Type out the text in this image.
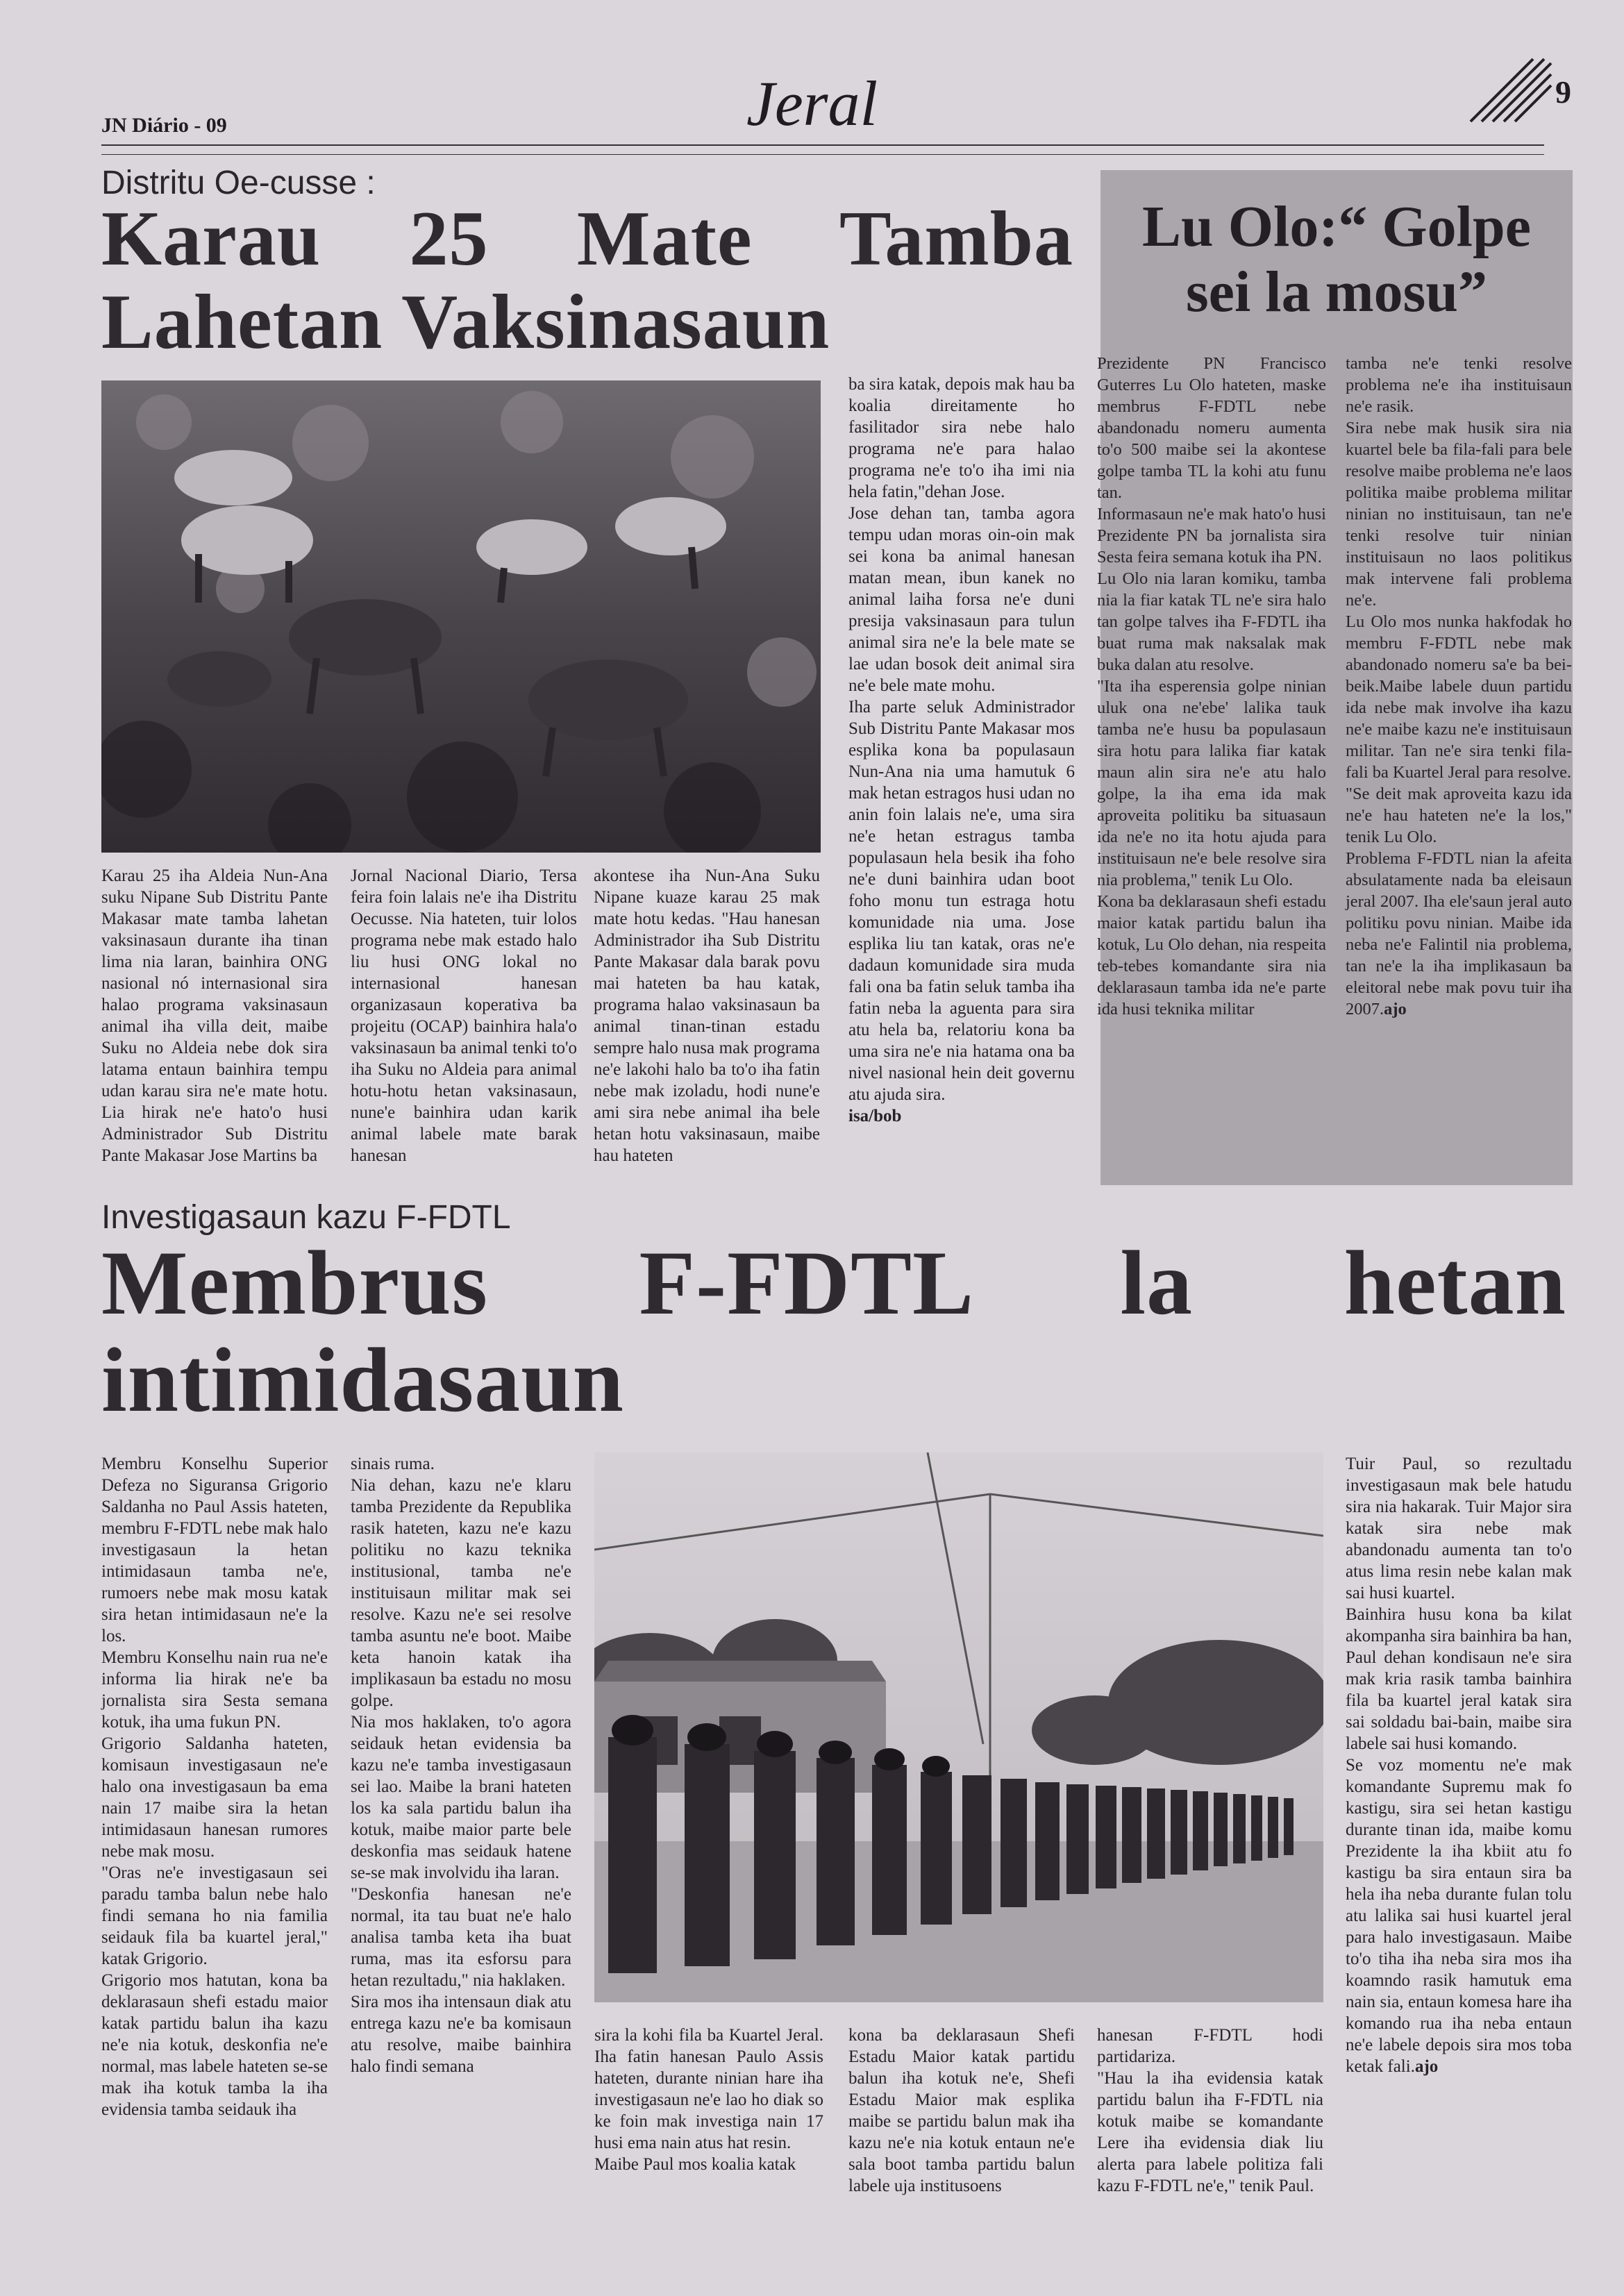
JN Diário - 09	Jeral	9
Distritu Oe-cusse :
Karau 25 Mate Tamba
Lahetan Vaksinasaun

Karau 25 iha Aldeia Nun-Ana suku Nipane Sub Distritu Pante Makasar mate tamba lahetan vaksinasaun durante iha tinan lima nia laran, bainhira ONG nasional nó internasional sira halao programa vaksinasaun animal iha villa deit, maibe Suku no Aldeia nebe dok sira latama entaun bainhira tempu udan karau sira ne'e mate hotu. Lia hirak ne'e hato'o husi Administrador Sub Distritu Pante Makasar Jose Martins ba

Jornal Nacional Diario, Tersa feira foin lalais ne'e iha Distritu Oecusse. Nia hateten, tuir lolos programa nebe mak estado halo liu husi ONG lokal no internasional hanesan organizasaun koperativa ba projeitu (OCAP) bainhira hala'o vaksinasaun ba animal tenki to'o iha Suku no Aldeia para animal hotu-hotu hetan vaksinasaun, nune'e bainhira udan karik animal labele mate barak hanesan

akontese iha Nun-Ana Suku Nipane kuaze karau 25 mak mate hotu kedas. "Hau hanesan Administrador iha Sub Distritu Pante Makasar dala barak povu mai hateten ba hau katak, programa halao vaksinasaun ba animal tinan-tinan estadu sempre halo nusa mak programa ne'e lakohi halo ba to'o iha fatin nebe mak izoladu, hodi nune'e ami sira nebe animal iha bele hetan hotu vaksinasaun, maibe hau hateten

ba sira katak, depois mak hau ba koalia direitamente ho fasilitador sira nebe halo programa ne'e para halao programa ne'e to'o iha imi nia hela fatin,"dehan Jose.

Jose dehan tan, tamba agora tempu udan moras oin-oin mak sei kona ba animal hanesan matan mean, ibun kanek no animal laiha forsa ne'e duni presija vaksinasaun para tulun animal sira ne'e la bele mate se lae udan bosok deit animal sira ne'e bele mate mohu.

Iha parte seluk Administrador Sub Distritu Pante Makasar mos esplika kona ba populasaun Nun-Ana nia uma hamutuk 6 mak hetan estragos husi udan no anin foin lalais ne'e, uma sira ne'e hetan estragus tamba populasaun hela besik iha foho ne'e duni bainhira udan boot foho monu tun estraga hotu komunidade nia uma. Jose esplika liu tan katak, oras ne'e dadaun komunidade sira muda fali ona ba fatin seluk tamba iha fatin neba la aguenta para sira atu hela ba, relatoriu kona ba uma sira ne'e nia hatama ona ba nivel nasional hein deit governu atu ajuda sira.

isa/bob

Lu Olo:“ Golpe
sei la mosu”

Prezidente PN Francisco Guterres Lu Olo hateten, maske membrus F-FDTL nebe abandonadu nomeru aumenta to'o 500 maibe sei la akontese golpe tamba TL la kohi atu funu tan.

Informasaun ne'e mak hato'o husi Prezidente PN ba jornalista sira Sesta feira semana kotuk iha PN.

Lu Olo nia laran komiku, tamba nia la fiar katak TL ne'e sira halo tan golpe talves iha F-FDTL iha buat ruma mak naksalak mak buka dalan atu resolve.

"Ita iha esperensia golpe ninian uluk ona ne'ebe' lalika tauk tamba ne'e husu ba populasaun sira hotu para lalika fiar katak maun alin sira ne'e atu halo golpe, la iha ema ida mak aproveita politiku ba situasaun ida ne'e no ita hotu ajuda para instituisaun ne'e bele resolve sira nia problema," tenik Lu Olo.

Kona ba deklarasaun shefi estadu maior katak partidu balun iha kotuk, Lu Olo dehan, nia respeita teb-tebes komandante sira nia deklarasaun tamba ida ne'e parte ida husi teknika militar

tamba ne'e tenki resolve problema ne'e iha instituisaun ne'e rasik.

Sira nebe mak husik sira nia kuartel bele ba fila-fali para bele resolve maibe problema ne'e laos politika maibe problema militar ninian no instituisaun, tan ne'e tenki resolve tuir ninian instituisaun no laos politikus mak intervene fali problema ne'e.

Lu Olo mos nunka hakfodak ho membru F-FDTL nebe mak abandonado nomeru sa'e ba bei-beik.Maibe labele duun partidu ida nebe mak involve iha kazu ne'e maibe kazu ne'e instituisaun militar. Tan ne'e sira tenki fila-fali ba Kuartel Jeral para resolve.

"Se deit mak aproveita kazu ida ne'e hau hateten ne'e la los," tenik Lu Olo.

Problema F-FDTL nian la afeita absulatamente nada ba eleisaun jeral 2007. Iha ele'saun jeral auto politiku povu ninian. Maibe ida neba ne'e Falintil nia problema, tan ne'e la iha implikasaun ba eleitoral nebe mak povu tuir iha 2007.ajo

Investigasaun kazu F-FDTL
Membrus F-FDTL la hetan
intimidasaun

Membru Konselhu Superior Defeza no Siguransa Grigorio Saldanha no Paul Assis hateten, membru F-FDTL nebe mak halo investigasaun la hetan intimidasaun tamba ne'e, rumoers nebe mak mosu katak sira hetan intimidasaun ne'e la los.

Membru Konselhu nain rua ne'e informa lia hirak ne'e ba jornalista sira Sesta semana kotuk, iha uma fukun PN.

Grigorio Saldanha hateten, komisaun investigasaun ne'e halo ona investigasaun ba ema nain 17 maibe sira la hetan intimidasaun hanesan rumores nebe mak mosu.

"Oras ne'e investigasaun sei paradu tamba balun nebe halo findi semana ho nia familia seidauk fila ba kuartel jeral," katak Grigorio.

Grigorio mos hatutan, kona ba deklarasaun shefi estadu maior katak partidu balun iha kazu ne'e nia kotuk, deskonfia ne'e normal, mas labele hateten se-se mak iha kotuk tamba la iha evidensia tamba seidauk iha

sinais ruma.

Nia dehan, kazu ne'e klaru tamba Prezidente da Republika rasik hateten, kazu ne'e kazu politiku no kazu teknika institusional, tamba ne'e instituisaun militar mak sei resolve. Kazu ne'e sei resolve tamba asuntu ne'e boot. Maibe keta hanoin katak iha implikasaun ba estadu no mosu golpe.

Nia mos haklaken, to'o agora seidauk hetan evidensia ba kazu ne'e tamba investigasaun sei lao. Maibe la brani hateten los ka sala partidu balun iha kotuk, maibe maior parte bele deskonfia mas seidauk hatene se-se mak involvidu iha laran.

"Deskonfia hanesan ne'e normal, ita tau buat ne'e halo analisa tamba keta iha buat ruma, mas ita esforsu para hetan rezultadu," nia haklaken.

Sira mos iha intensaun diak atu entrega kazu ne'e ba komisaun atu resolve, maibe bainhira halo findi semana

sira la kohi fila ba Kuartel Jeral. Iha fatin hanesan Paulo Assis hateten, durante ninian hare iha investigasaun ne'e lao ho diak so ke foin mak investiga nain 17 husi ema nain atus hat resin.

Maibe Paul mos koalia katak

kona ba deklarasaun Shefi Estadu Maior katak partidu balun iha kotuk ne'e, Shefi Estadu Maior mak esplika maibe se partidu balun mak iha kazu ne'e nia kotuk entaun ne'e sala boot tamba partidu balun labele uja institusoens

hanesan F-FDTL hodi partidariza.

"Hau la iha evidensia katak partidu balun iha F-FDTL nia kotuk maibe se komandante Lere iha evidensia diak liu alerta para labele politiza fali kazu F-FDTL ne'e," tenik Paul.

Tuir Paul, so rezultadu investigasaun mak bele hatudu sira nia hakarak. Tuir Major sira katak sira nebe mak abandonadu aumenta tan to'o atus lima resin nebe kalan mak sai husi kuartel.

Bainhira husu kona ba kilat akompanha sira bainhira ba han, Paul dehan kondisaun ne'e sira mak kria rasik tamba bainhira fila ba kuartel jeral katak sira sai soldadu bai-bain, maibe sira labele sai husi komando.

Se voz momentu ne'e mak komandante Supremu mak fo kastigu, sira sei hetan kastigu durante tinan ida, maibe komu Prezidente la iha kbiit atu fo kastigu ba sira entaun sira ba hela iha neba durante fulan tolu atu lalika sai husi kuartel jeral para halo investigasaun. Maibe to'o tiha iha neba sira mos iha koamndo rasik hamutuk ema nain sia, entaun komesa hare iha komando rua iha neba entaun ne'e labele depois sira mos toba ketak fali.ajo
